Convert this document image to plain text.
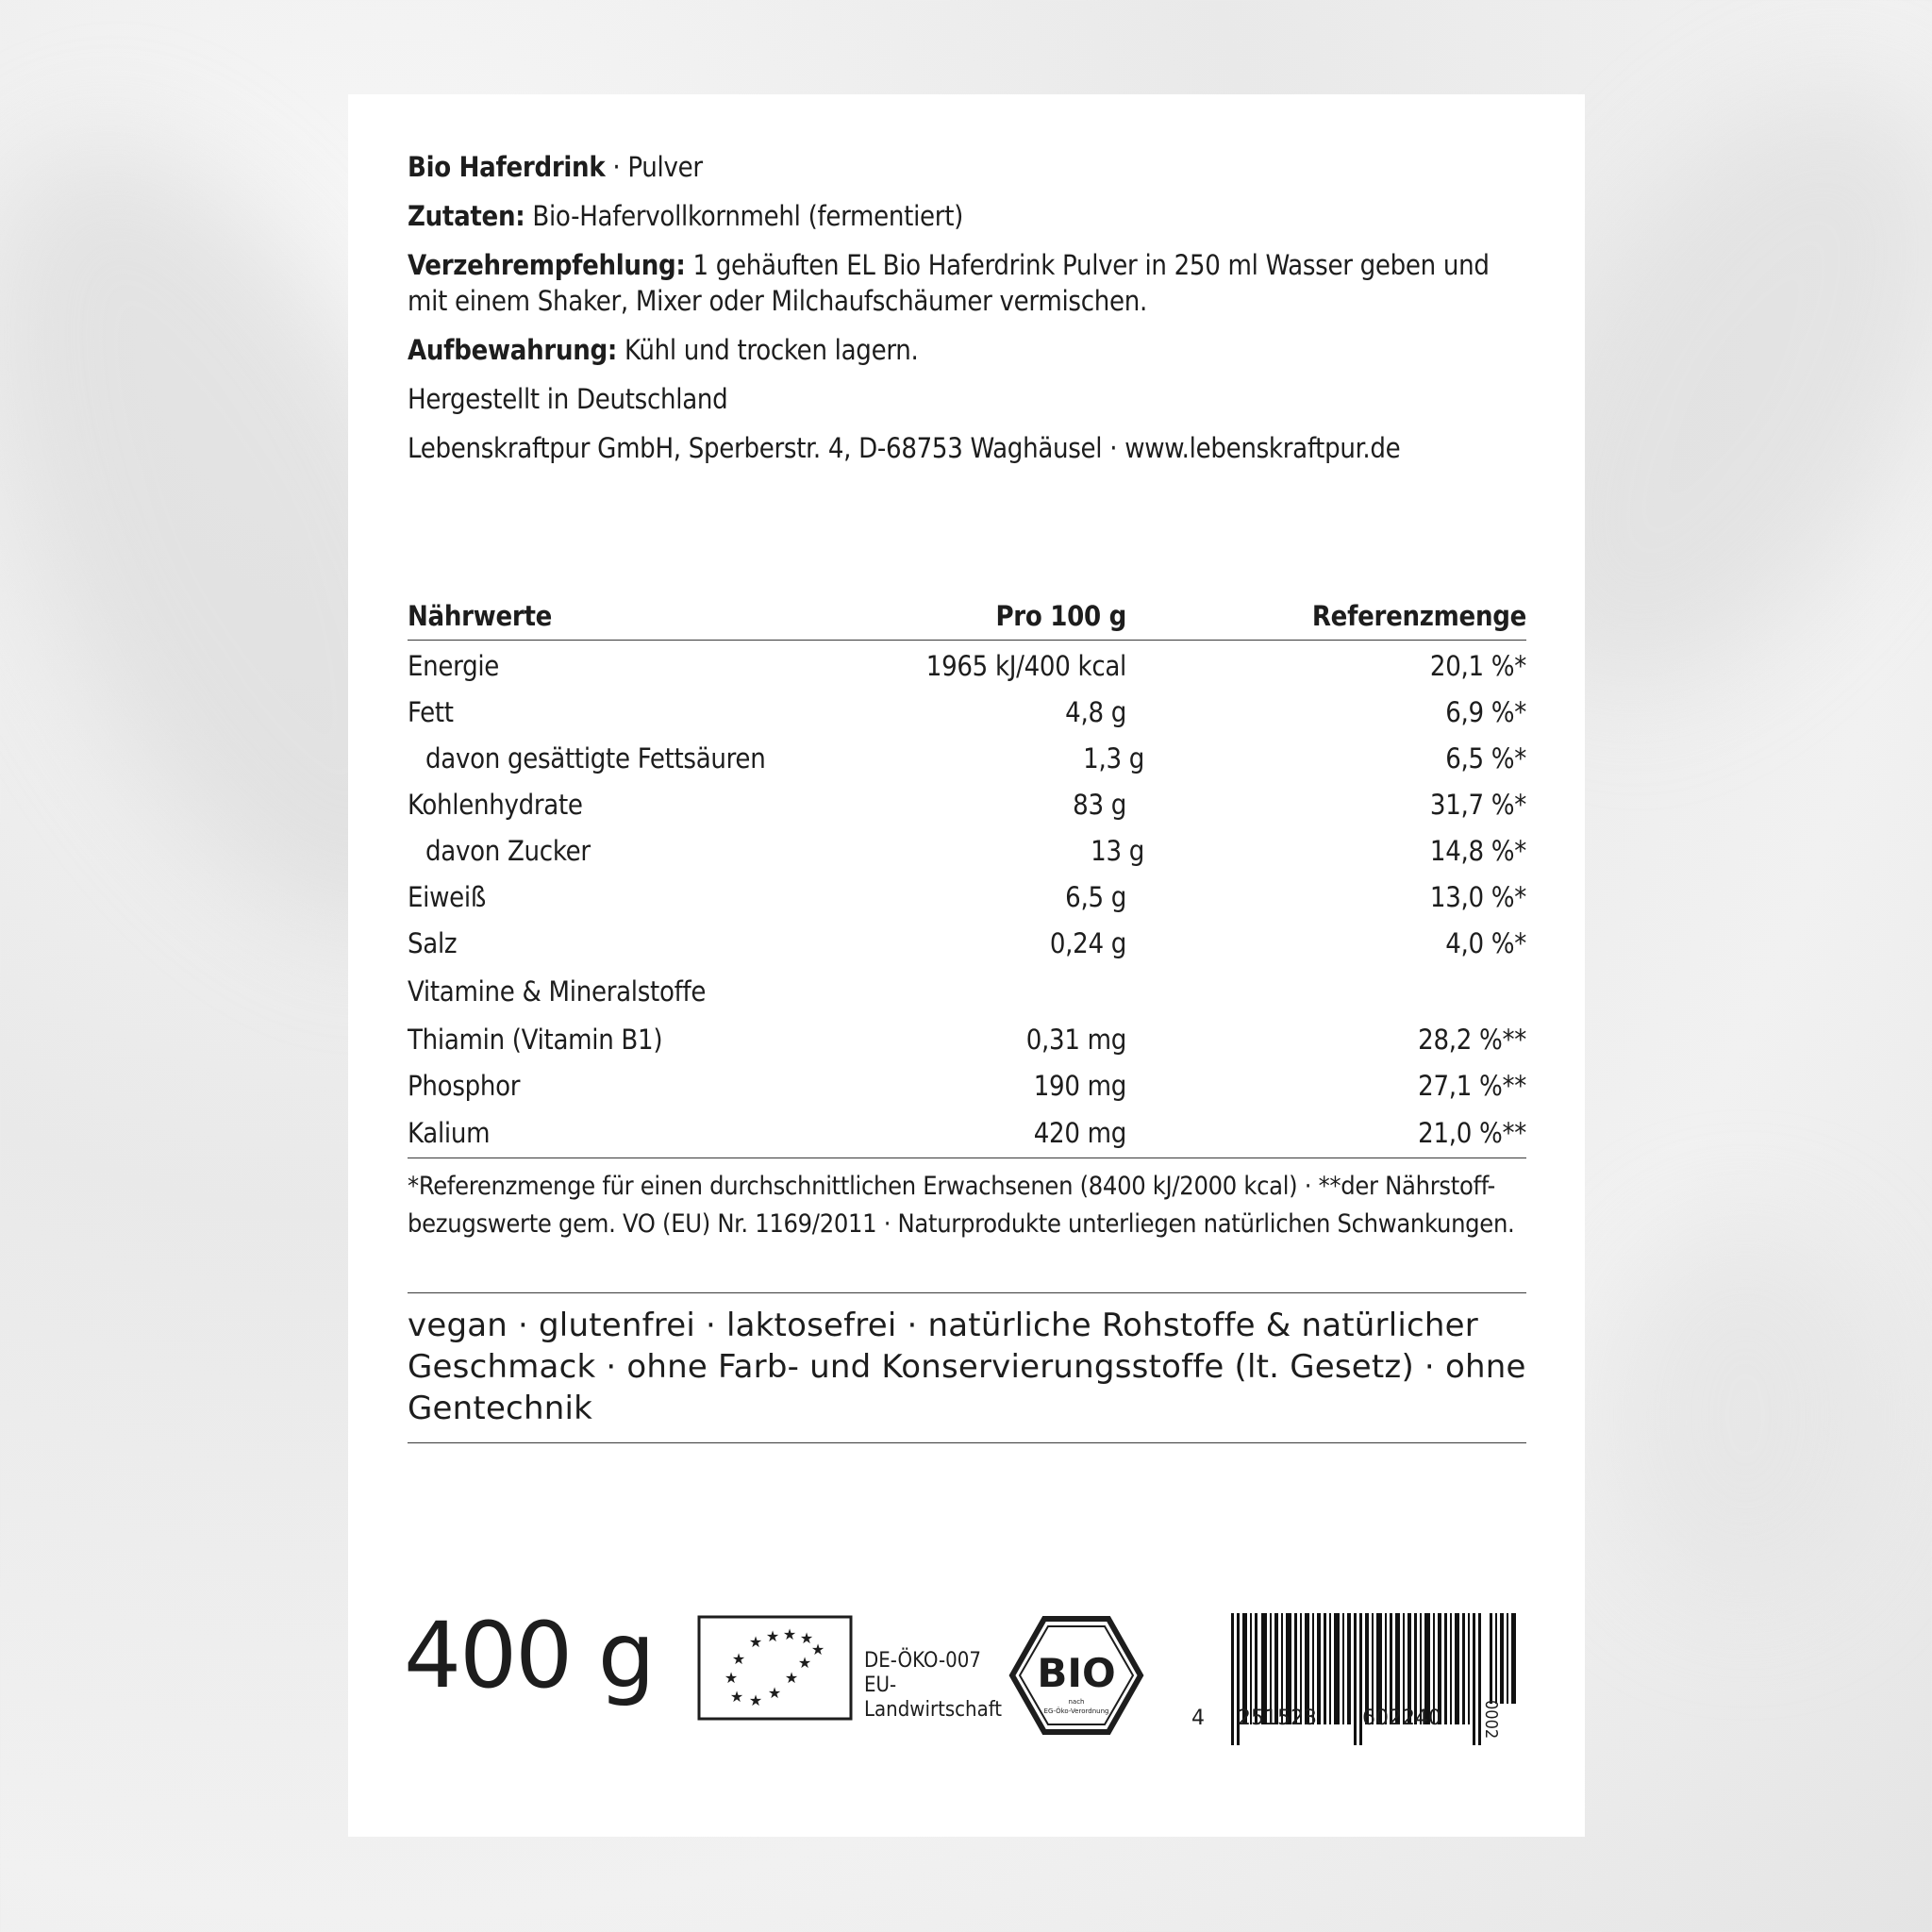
Bio Haferdrink · Pulver

Zutaten: Bio-Hafervollkornmehl (fermentiert)

Verzehrempfehlung: 1 gehäuften EL Bio Haferdrink Pulver in 250 ml Wasser geben und mit einem Shaker, Mixer oder Milchaufschäumer vermischen.

Aufbewahrung: Kühl und trocken lagern.

Hergestellt in Deutschland

Lebenskraftpur GmbH, Sperberstr. 4, D-68753 Waghäusel · www.lebenskraftpur.de

Nährwerte	Pro 100 g	Referenzmenge
Energie	1965 kJ/400 kcal	20,1 %*
Fett	4,8 g	6,9 %*
davon gesättigte Fettsäuren	1,3 g	6,5 %*
Kohlenhydrate	83 g	31,7 %*
davon Zucker	13 g	14,8 %*
Eiweiß	6,5 g	13,0 %*
Salz	0,24 g	4,0 %*
Vitamine & Mineralstoffe
Thiamin (Vitamin B1)	0,31 mg	28,2 %**
Phosphor	190 mg	27,1 %**
Kalium	420 mg	21,0 %**
*Referenzmenge für einen durchschnittlichen Erwachsenen (8400 kJ/2000 kcal) · **der Nährstoff-bezugswerte gem. VO (EU) Nr. 1169/2011 · Naturprodukte unterliegen natürlichen Schwankungen.
vegan · glutenfrei · laktosefrei · natürliche Rohstoffe & natürlicher Geschmack · ohne Farb- und Konservierungsstoffe (lt. Gesetz) · ohne Gentechnik
400 g	★ ★ ★ ★
★
★
★
★ ★ ★
★
★	DE-ÖKO-007
EU-
Landwirtschaft
BIO
nach
EG-Öko-Verordnung	4 251523 602240 0002
